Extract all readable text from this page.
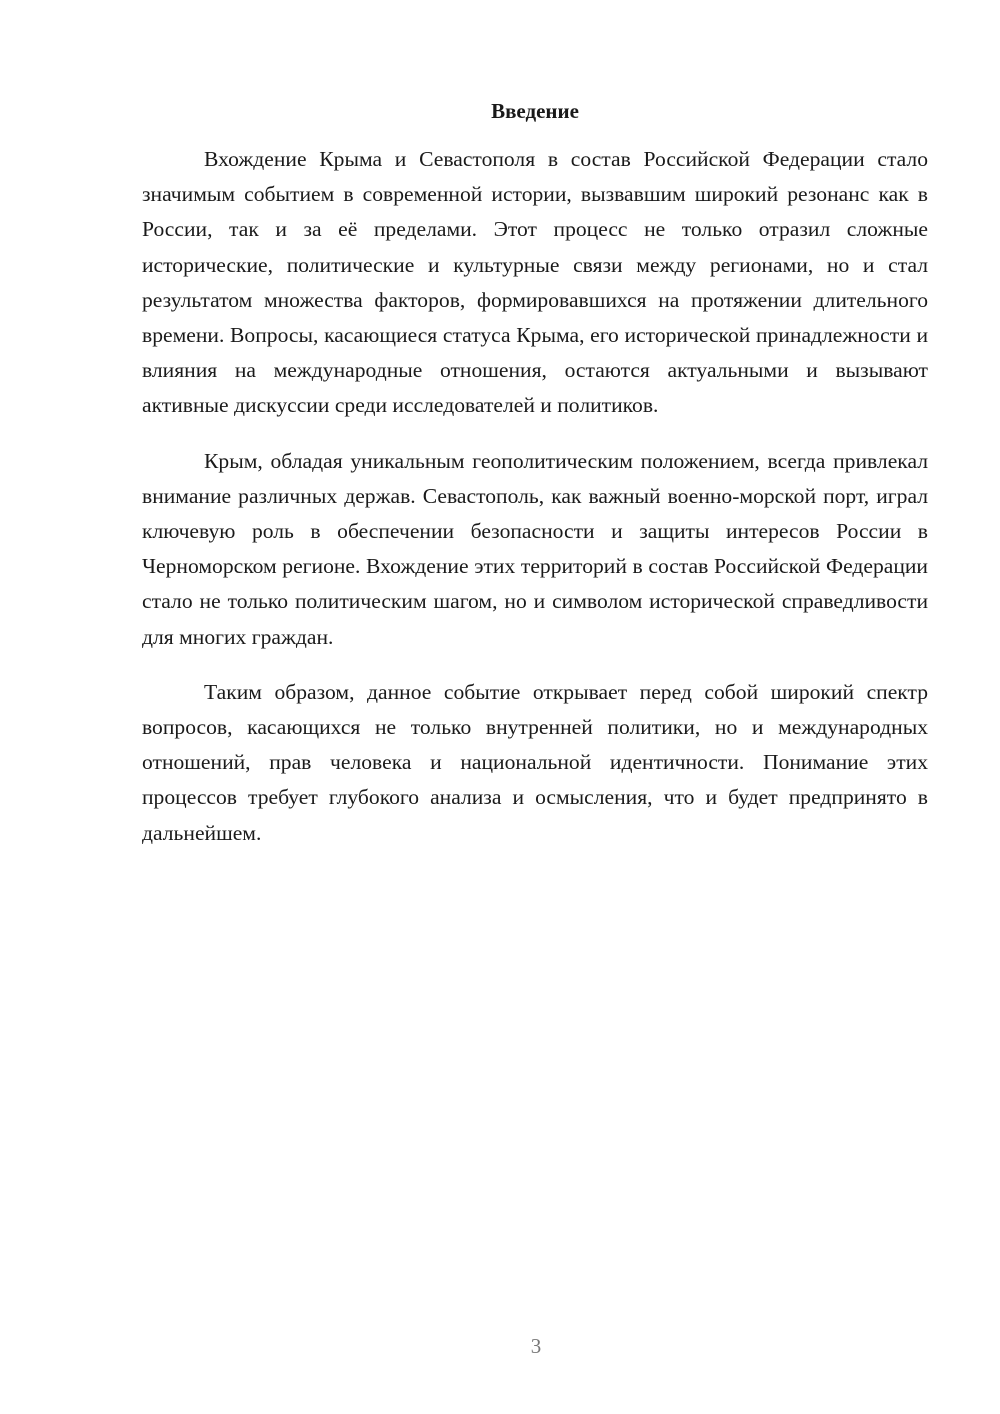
Введение

Вхождение Крыма и Севастополя в состав Российской Федерации стало значимым событием в современной истории, вызвавшим широкий резонанс как в России, так и за её пределами. Этот процесс не только отразил сложные исторические, политические и культурные связи между регионами, но и стал результатом множества факторов, формировавшихся на протяжении длительного времени. Вопросы, касающиеся статуса Крыма, его исторической принадлежности и влияния на международные отношения, остаются актуальными и вызывают активные дискуссии среди исследователей и политиков.

Крым, обладая уникальным геополитическим положением, всегда привлекал внимание различных держав. Севастополь, как важный военно-морской порт, играл ключевую роль в обеспечении безопасности и защиты интересов России в Черноморском регионе. Вхождение этих территорий в состав Российской Федерации стало не только политическим шагом, но и символом исторической справедливости для многих граждан.

Таким образом, данное событие открывает перед собой широкий спектр вопросов, касающихся не только внутренней политики, но и международных отношений, прав человека и национальной идентичности. Понимание этих процессов требует глубокого анализа и осмысления, что и будет предпринято в дальнейшем.

3
